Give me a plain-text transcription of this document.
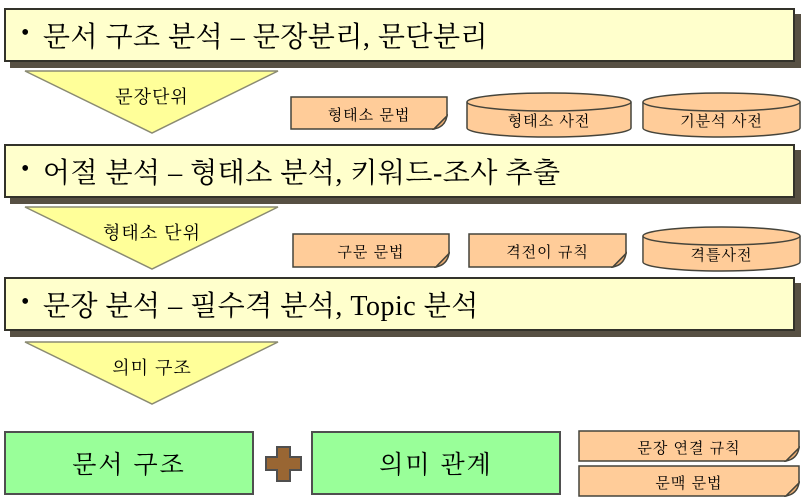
• 문서 구조 분석 – 문장분리, 문단분리
• 어절 분석 – 형태소 분석, 키워드-조사 추출
• 문장 분석 – 필수격 분석, Topic 분석
문장단위
형태소 단위
의미 구조
형태소 문법	형태소 사전	기분석 사전
구문 문법	격전이 규칙	격틀사전
문서 구조	의미 관계
문장 연결 규칙
문맥 문법
